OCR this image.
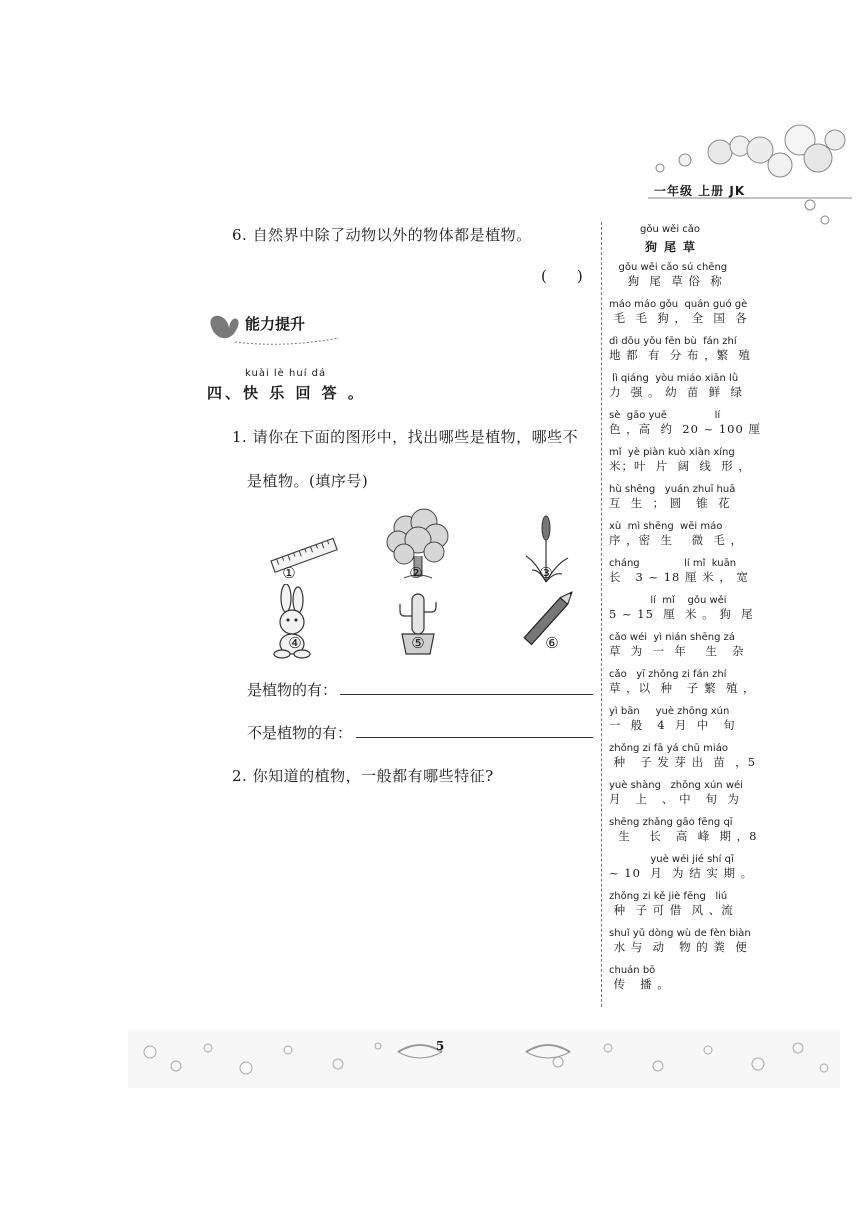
一年级 上册 JK
6. 自然界中除了动物以外的物体都是植物。
(　　)
能力提升
kuài lè huí dá
四、快 乐 回 答 。
1. 请你在下面的图形中，找出哪些是植物，哪些不
是植物。(填序号)
①	②	③
④	⑤	⑥
是植物的有：
不是植物的有：
2. 你知道的植物，一般都有哪些特征?
gǒu wěi cǎo
狗尾草
gǒu wěi cǎo sú chēng
狗  尾  草 俗  称
máo máo gǒu  quán guó gè
毛  毛  狗 ， 全  国  各
dì dōu yǒu fēn bù  fán zhí
地 都  有  分 布 ，繁  殖
lì qiáng  yòu miáo xiān lǜ
力  强 。 幼  苗  鲜  绿
sè  gāo yuē               lí
色 ，高  约  20 ~ 100 厘
mǐ  yè piàn kuò xiàn xíng
米；叶  片  阔  线  形 ，
hù shēng   yuán zhuī huā
互  生  ； 圆   锥  花
xù  mì shēng  wēi máo
序 ，密  生    微  毛 ，
cháng              lí mǐ  kuān
长   3 ~ 18 厘 米 ， 宽
lí  mǐ    gǒu wěi
5 ~ 15  厘  米 。 狗  尾
cǎo wéi  yì nián shēng zá
草  为  一  年    生   杂
cǎo   yī zhǒng zi fán zhí
草 ，以  种   子 繁  殖 ，
yì bān     yuè zhōng xún
一  般   4  月  中   旬
zhǒng zi fā yá chū miáo
种   子 发 芽 出  苗  ，5
yuè shàng   zhōng xún wéi
月   上   、 中   旬  为
shēng zhǎng gāo fēng qī
生    长   高  峰  期 ，8
yuè wéi jié shí qī
~ 10  月  为 结 实 期 。
zhǒng zi kě jiè fēng   liú
种  子 可 借  风 、流
shuǐ yǔ dòng wù de fèn biàn
水 与  动   物 的 粪  便
chuán bō
传   播 。
5
